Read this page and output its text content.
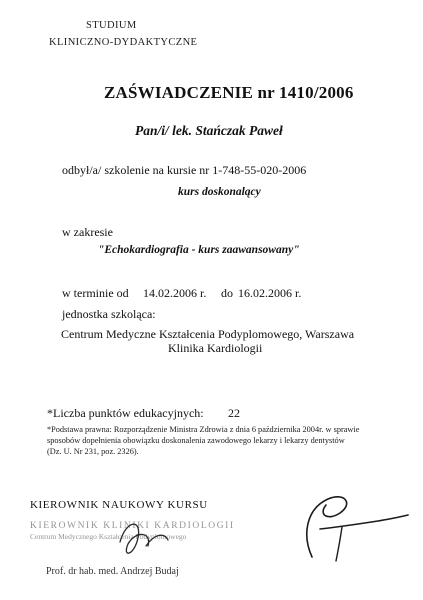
STUDIUM
KLINICZNO-DYDAKTYCZNE
ZAŚWIADCZENIE nr 1410/2006
Pan/i/ lek. Stańczak Paweł
odbył/a/ szkolenie na kursie nr 1-748-55-020-2006
kurs doskonalący
w zakresie
"Echokardiografia - kurs zaawansowany"
w terminie od 14.02.2006 r. do 16.02.2006 r.
jednostka szkoląca:
Centrum Medyczne Kształcenia Podyplomowego, Warszawa
Klinika Kardiologii
*Liczba punktów edukacyjnych: 22
*Podstawa prawna: Rozporządzenie Ministra Zdrowia z dnia 6 października 2004r. w sprawie
sposobów dopełnienia obowiązku doskonalenia zawodowego lekarzy i lekarzy dentystów
(Dz. U. Nr 231, poz. 2326).
KIEROWNIK NAUKOWY KURSU
KIEROWNIK KLINIKI KARDIOLOGII
Centrum Medycznego Kształcenia Podyplomowego
Prof. dr hab. med. Andrzej Budaj
